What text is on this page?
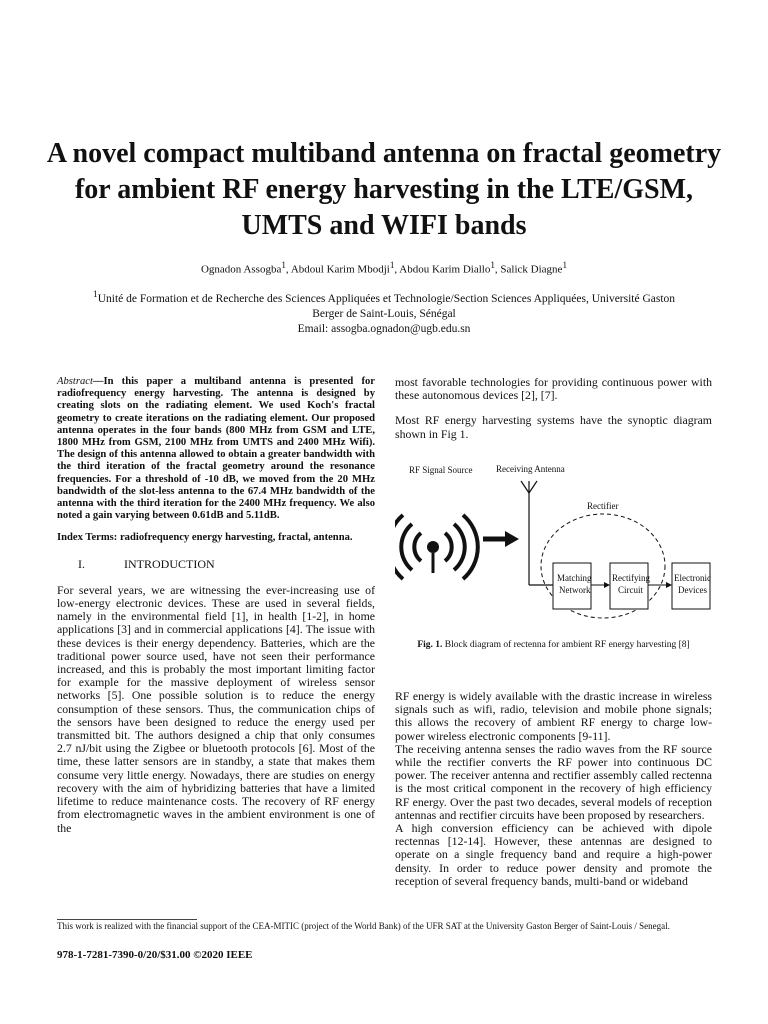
A novel compact multiband antenna on fractal geometry for ambient RF energy harvesting in the LTE/GSM, UMTS and WIFI bands
Ognadon Assogba$^1$, Abdoul Karim Mbodji$^1$, Abdou Karim Diallo$^1$, Salick Diagne$^1$
$^1$Unité de Formation et de Recherche des Sciences Appliquées et Technologie/Section Sciences Appliquées, Université Gaston
Berger de Saint-Louis, Sénégal
Email: assogba.ognadon@ugb.edu.sn
Abstract—In this paper a multiband antenna is presented for radiofrequency energy harvesting. The antenna is designed by creating slots on the radiating element. We used Koch's fractal geometry to create iterations on the radiating element. Our proposed antenna operates in the four bands (800 MHz from GSM and LTE, 1800 MHz from GSM, 2100 MHz from UMTS and 2400 MHz Wifi). The design of this antenna allowed to obtain a greater bandwidth with the third iteration of the fractal geometry around the resonance frequencies. For a threshold of -10 dB, we moved from the 20 MHz bandwidth of the slot-less antenna to the 67.4 MHz bandwidth of the antenna with the third iteration for the 2400 MHz frequency. We also noted a gain varying between 0.61dB and 5.11dB.
Index Terms: radiofrequency energy harvesting, fractal, antenna.
I.	INTRODUCTION
For several years, we are witnessing the ever-increasing use of low-energy electronic devices. These are used in several fields, namely in the environmental field [1], in health [1-2], in home applications [3] and in commercial applications [4]. The issue with these devices is their energy dependency. Batteries, which are the traditional power source used, have not seen their performance increased, and this is probably the most important limiting factor for example for the massive deployment of wireless sensor networks [5]. One possible solution is to reduce the energy consumption of these sensors. Thus, the communication chips of the sensors have been designed to reduce the energy used per transmitted bit. The authors designed a chip that only consumes 2.7 nJ/bit using the Zigbee or bluetooth protocols [6]. Most of the time, these latter sensors are in standby, a state that makes them consume very little energy. Nowadays, there are studies on energy recovery with the aim of hybridizing batteries that have a limited lifetime to reduce maintenance costs. The recovery of RF energy from electromagnetic waves in the ambient environment is one of the
most favorable technologies for providing continuous power with these autonomous devices [2], [7].
Most RF energy harvesting systems have the synoptic diagram shown in Fig 1.
RF Signal Source	Receiving Antenna
Rectifier
Matching
Network
Rectifying
Circuit
Electronic
Devices
Fig. 1. Block diagram of rectenna for ambient RF energy harvesting [8]
RF energy is widely available with the drastic increase in wireless signals such as wifi, radio, television and mobile phone signals; this allows the recovery of ambient RF energy to charge low-power wireless electronic components [9-11].
The receiving antenna senses the radio waves from the RF source while the rectifier converts the RF power into continuous DC power. The receiver antenna and rectifier assembly called rectenna is the most critical component in the recovery of high efficiency RF energy. Over the past two decades, several models of reception antennas and rectifier circuits have been proposed by researchers.
A high conversion efficiency can be achieved with dipole rectennas [12-14]. However, these antennas are designed to operate on a single frequency band and require a high-power density. In order to reduce power density and promote the reception of several frequency bands, multi-band or wideband
This work is realized with the financial support of the CEA-MITIC (project of the World Bank) of the UFR SAT at the University Gaston Berger of Saint-Louis / Senegal.
978-1-7281-7390-0/20/$31.00 ©2020 IEEE
